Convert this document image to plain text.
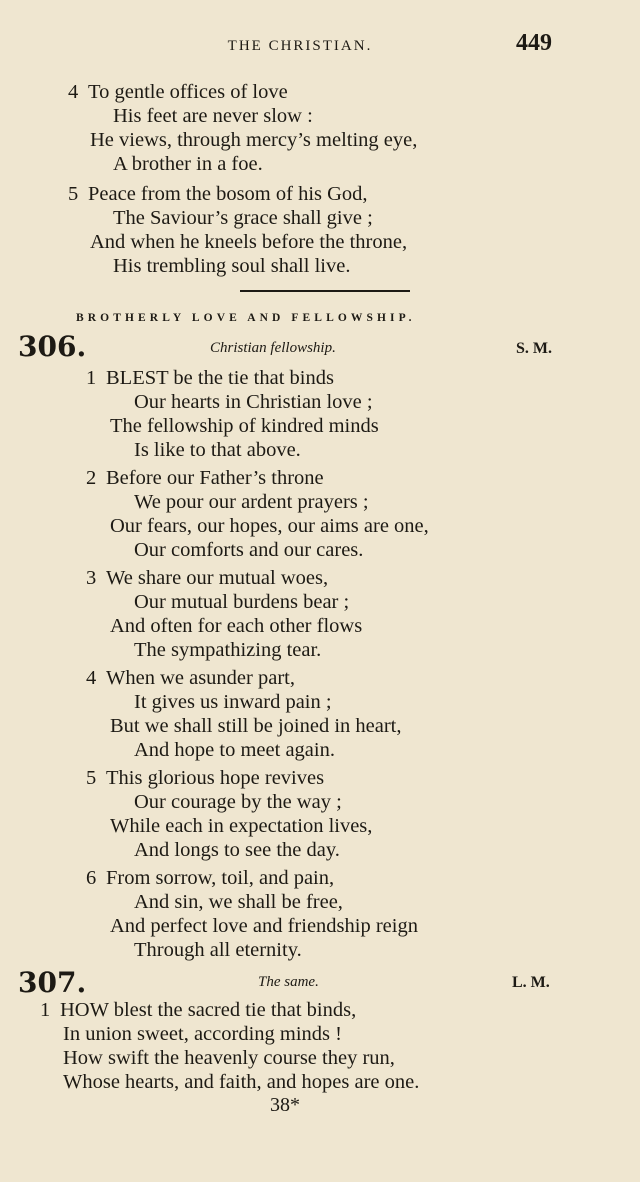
THE CHRISTIAN.	449
4 To gentle offices of love
His feet are never slow :
He views, through mercy’s melting eye,
A brother in a foe.
5 Peace from the bosom of his God,
The Saviour’s grace shall give ;
And when he kneels before the throne,
His trembling soul shall live.
BROTHERLY LOVE AND FELLOWSHIP.
306.	Christian fellowship.	S. M.
1 BLEST be the tie that binds
Our hearts in Christian love ;
The fellowship of kindred minds
Is like to that above.
2 Before our Father’s throne
We pour our ardent prayers ;
Our fears, our hopes, our aims are one,
Our comforts and our cares.
3 We share our mutual woes,
Our mutual burdens bear ;
And often for each other flows
The sympathizing tear.
4 When we asunder part,
It gives us inward pain ;
But we shall still be joined in heart,
And hope to meet again.
5 This glorious hope revives
Our courage by the way ;
While each in expectation lives,
And longs to see the day.
6 From sorrow, toil, and pain,
And sin, we shall be free,
And perfect love and friendship reign
Through all eternity.
307.	The same.	L. M.
1 HOW blest the sacred tie that binds,
In union sweet, according minds !
How swift the heavenly course they run,
Whose hearts, and faith, and hopes are one.
38*
